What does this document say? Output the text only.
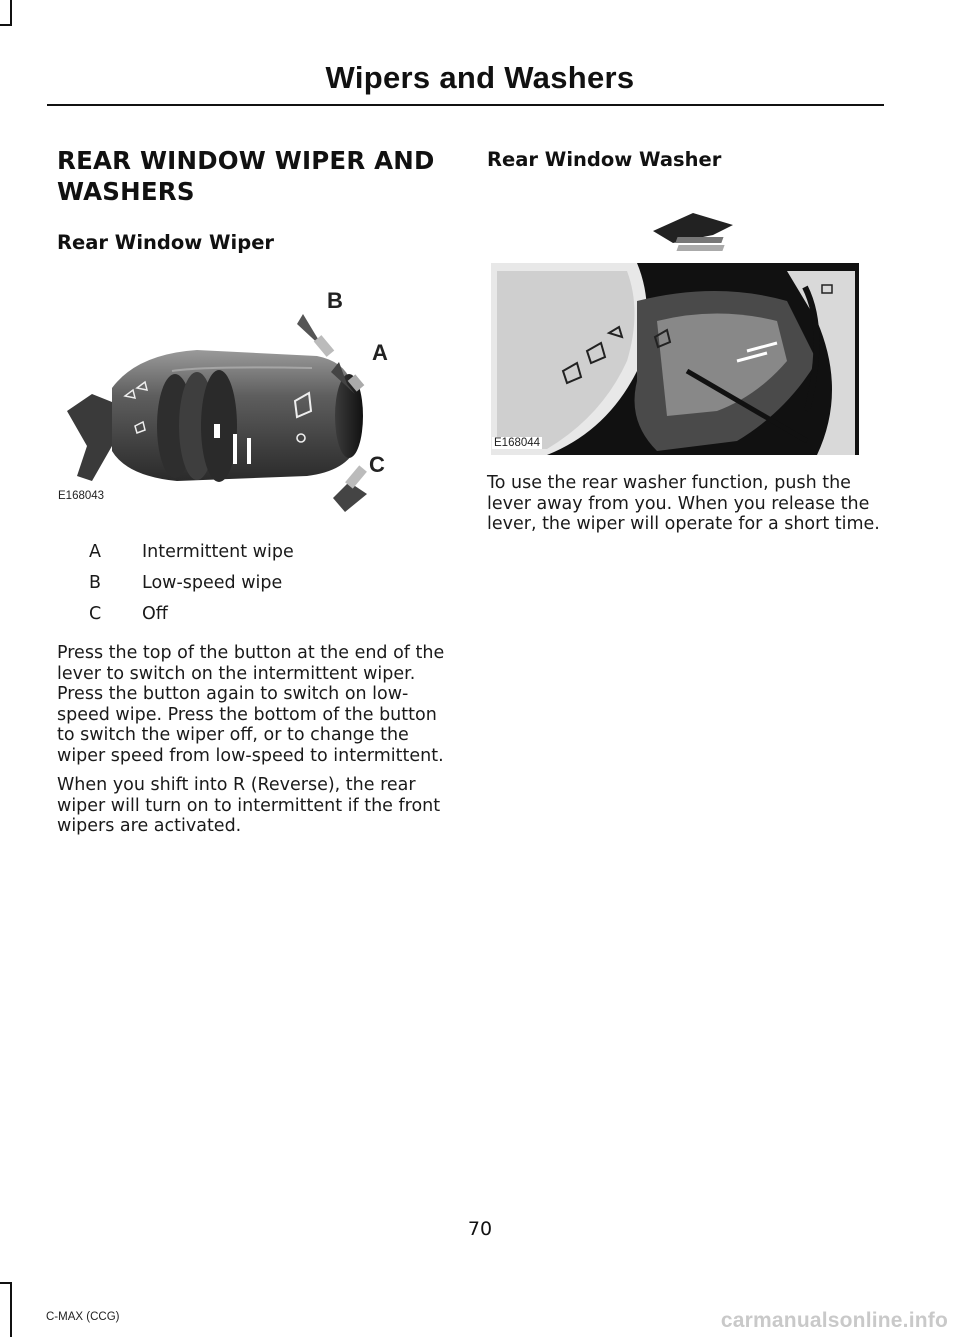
Wipers and Washers
REAR WINDOW WIPER AND
WASHERS
Rear Window Wiper
B
A
C
E168043
A	Intermittent wipe
B	Low-speed wipe
C	Off

Press the top of the button at the end of the lever to switch on the intermittent wiper. Press the button again to switch on low-speed wipe. Press the bottom of the button to switch the wiper off, or to change the wiper speed from low-speed to intermittent.

When you shift into R (Reverse), the rear wiper will turn on to intermittent if the front wipers are activated.

Rear Window Washer
E168044

To use the rear washer function, push the lever away from you. When you release the lever, the wiper will operate for a short time.

70
C-MAX (CCG)	carmanualsonline.info
